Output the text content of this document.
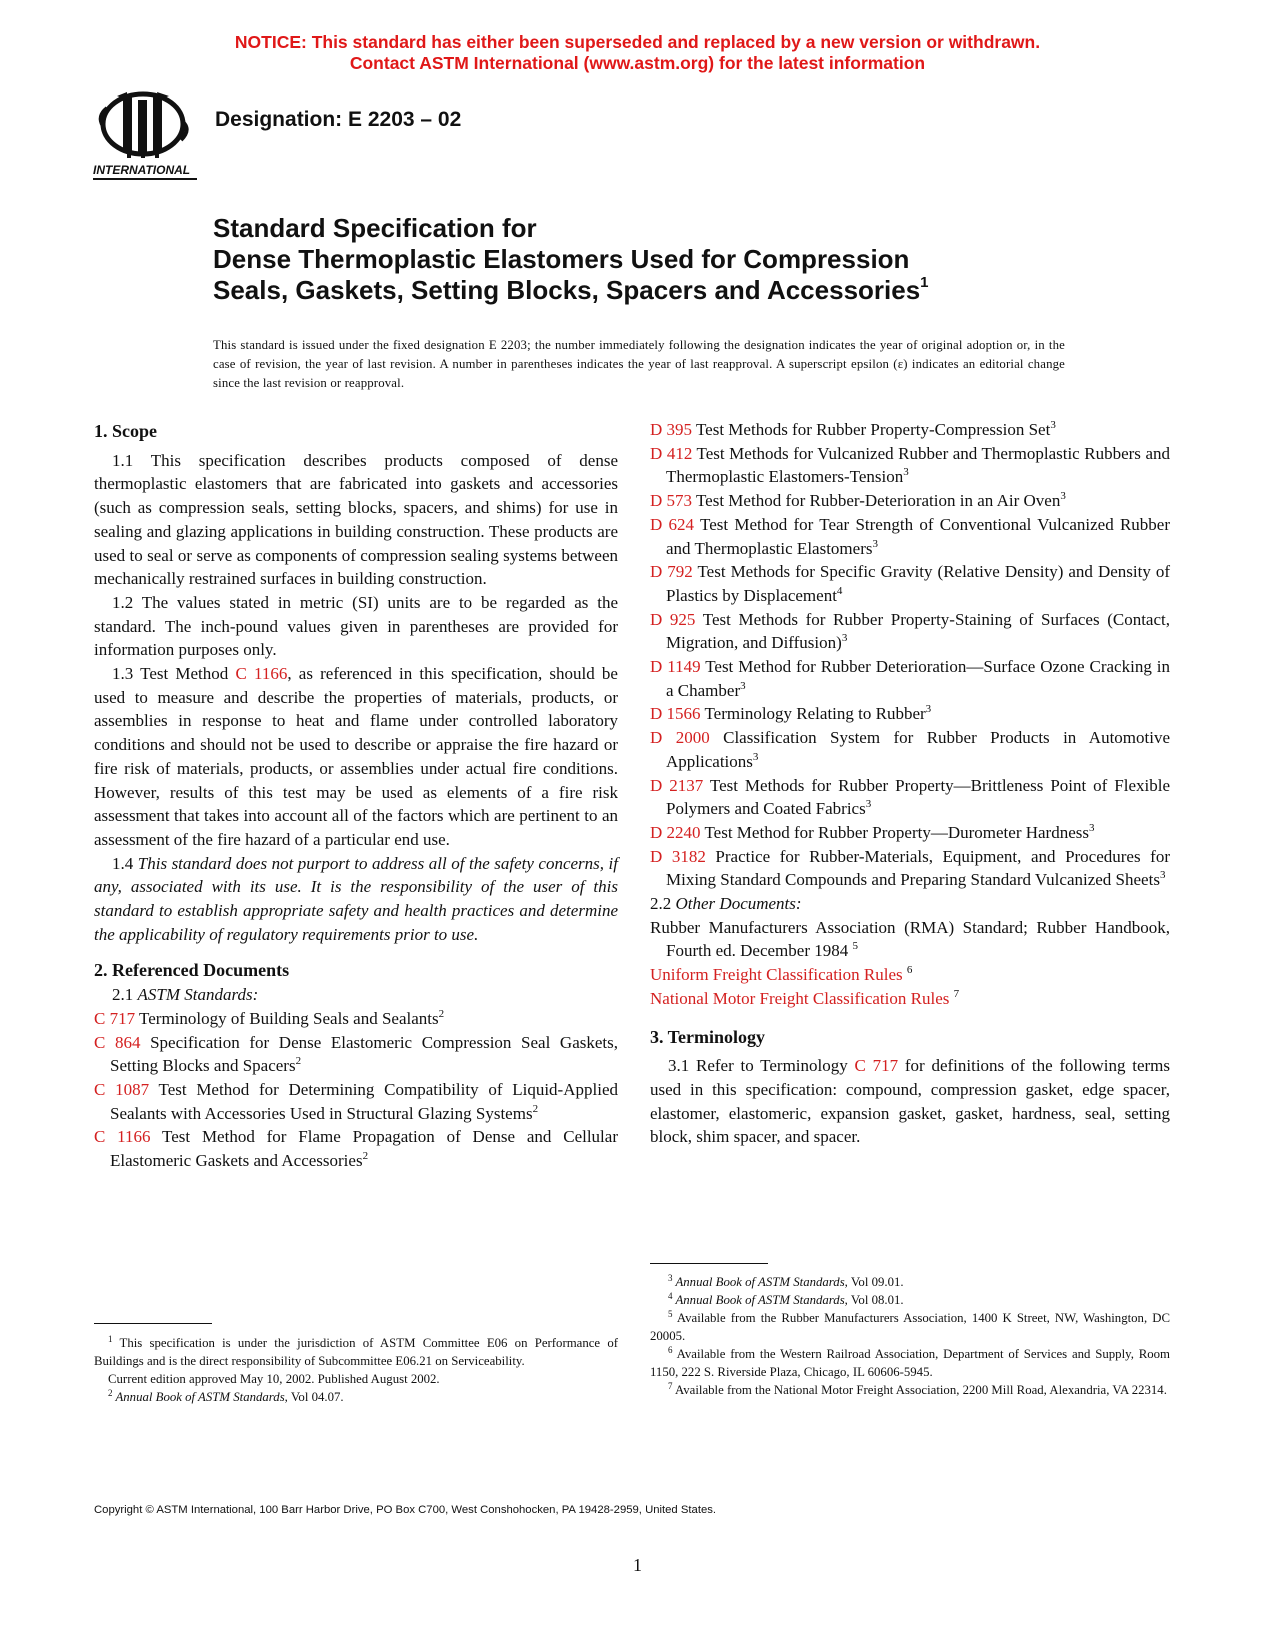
NOTICE: This standard has either been superseded and replaced by a new version or withdrawn.
Contact ASTM International (www.astm.org) for the latest information
INTERNATIONAL
Designation: E 2203 – 02
Standard Specification for
Dense Thermoplastic Elastomers Used for Compression
Seals, Gaskets, Setting Blocks, Spacers and Accessories$^1$
This standard is issued under the fixed designation E 2203; the number immediately following the designation indicates the year of original adoption or, in the case of revision, the year of last revision. A number in parentheses indicates the year of last reapproval. A superscript epsilon (ε) indicates an editorial change since the last revision or reapproval.
1. Scope

1.1 This specification describes products composed of dense thermoplastic elastomers that are fabricated into gaskets and accessories (such as compression seals, setting blocks, spacers, and shims) for use in sealing and glazing applications in building construction. These products are used to seal or serve as components of compression sealing systems between mechanically restrained surfaces in building construction.

1.2 The values stated in metric (SI) units are to be regarded as the standard. The inch-pound values given in parentheses are provided for information purposes only.

1.3 Test Method C 1166, as referenced in this specification, should be used to measure and describe the properties of materials, products, or assemblies in response to heat and flame under controlled laboratory conditions and should not be used to describe or appraise the fire hazard or fire risk of materials, products, or assemblies under actual fire conditions. However, results of this test may be used as elements of a fire risk assessment that takes into account all of the factors which are pertinent to an assessment of the fire hazard of a particular end use.

1.4 This standard does not purport to address all of the safety concerns, if any, associated with its use. It is the responsibility of the user of this standard to establish appropriate safety and health practices and determine the applicability of regulatory requirements prior to use.

2. Referenced Documents

2.1 ASTM Standards:

C 717 Terminology of Building Seals and Sealants$^2$

C 864 Specification for Dense Elastomeric Compression Seal Gaskets, Setting Blocks and Spacers$^2$

C 1087 Test Method for Determining Compatibility of Liquid-Applied Sealants with Accessories Used in Structural Glazing Systems$^2$

C 1166 Test Method for Flame Propagation of Dense and Cellular Elastomeric Gaskets and Accessories$^2$

D 395 Test Methods for Rubber Property-Compression Set$^3$

D 412 Test Methods for Vulcanized Rubber and Thermoplastic Rubbers and Thermoplastic Elastomers-Tension$^3$

D 573 Test Method for Rubber-Deterioration in an Air Oven$^3$

D 624 Test Method for Tear Strength of Conventional Vulcanized Rubber and Thermoplastic Elastomers$^3$

D 792 Test Methods for Specific Gravity (Relative Density) and Density of Plastics by Displacement$^4$

D 925 Test Methods for Rubber Property-Staining of Surfaces (Contact, Migration, and Diffusion)$^3$

D 1149 Test Method for Rubber Deterioration—Surface Ozone Cracking in a Chamber$^3$

D 1566 Terminology Relating to Rubber$^3$

D 2000 Classification System for Rubber Products in Automotive Applications$^3$

D 2137 Test Methods for Rubber Property—Brittleness Point of Flexible Polymers and Coated Fabrics$^3$

D 2240 Test Method for Rubber Property—Durometer Hardness$^3$

D 3182 Practice for Rubber-Materials, Equipment, and Procedures for Mixing Standard Compounds and Preparing Standard Vulcanized Sheets$^3$

2.2 Other Documents:

Rubber Manufacturers Association (RMA) Standard; Rubber Handbook, Fourth ed. December 1984 $^5$

Uniform Freight Classification Rules $^6$

National Motor Freight Classification Rules $^7$

3. Terminology

3.1 Refer to Terminology C 717 for definitions of the following terms used in this specification: compound, compression gasket, edge spacer, elastomer, elastomeric, expansion gasket, gasket, hardness, seal, setting block, shim spacer, and spacer.

$^1$ This specification is under the jurisdiction of ASTM Committee E06 on Performance of Buildings and is the direct responsibility of Subcommittee E06.21 on Serviceability.

Current edition approved May 10, 2002. Published August 2002.

$^2$ Annual Book of ASTM Standards, Vol 04.07.

$^3$ Annual Book of ASTM Standards, Vol 09.01.

$^4$ Annual Book of ASTM Standards, Vol 08.01.

$^5$ Available from the Rubber Manufacturers Association, 1400 K Street, NW, Washington, DC 20005.

$^6$ Available from the Western Railroad Association, Department of Services and Supply, Room 1150, 222 S. Riverside Plaza, Chicago, IL 60606-5945.

$^7$ Available from the National Motor Freight Association, 2200 Mill Road, Alexandria, VA 22314.

Copyright © ASTM International, 100 Barr Harbor Drive, PO Box C700, West Conshohocken, PA 19428-2959, United States.
1
